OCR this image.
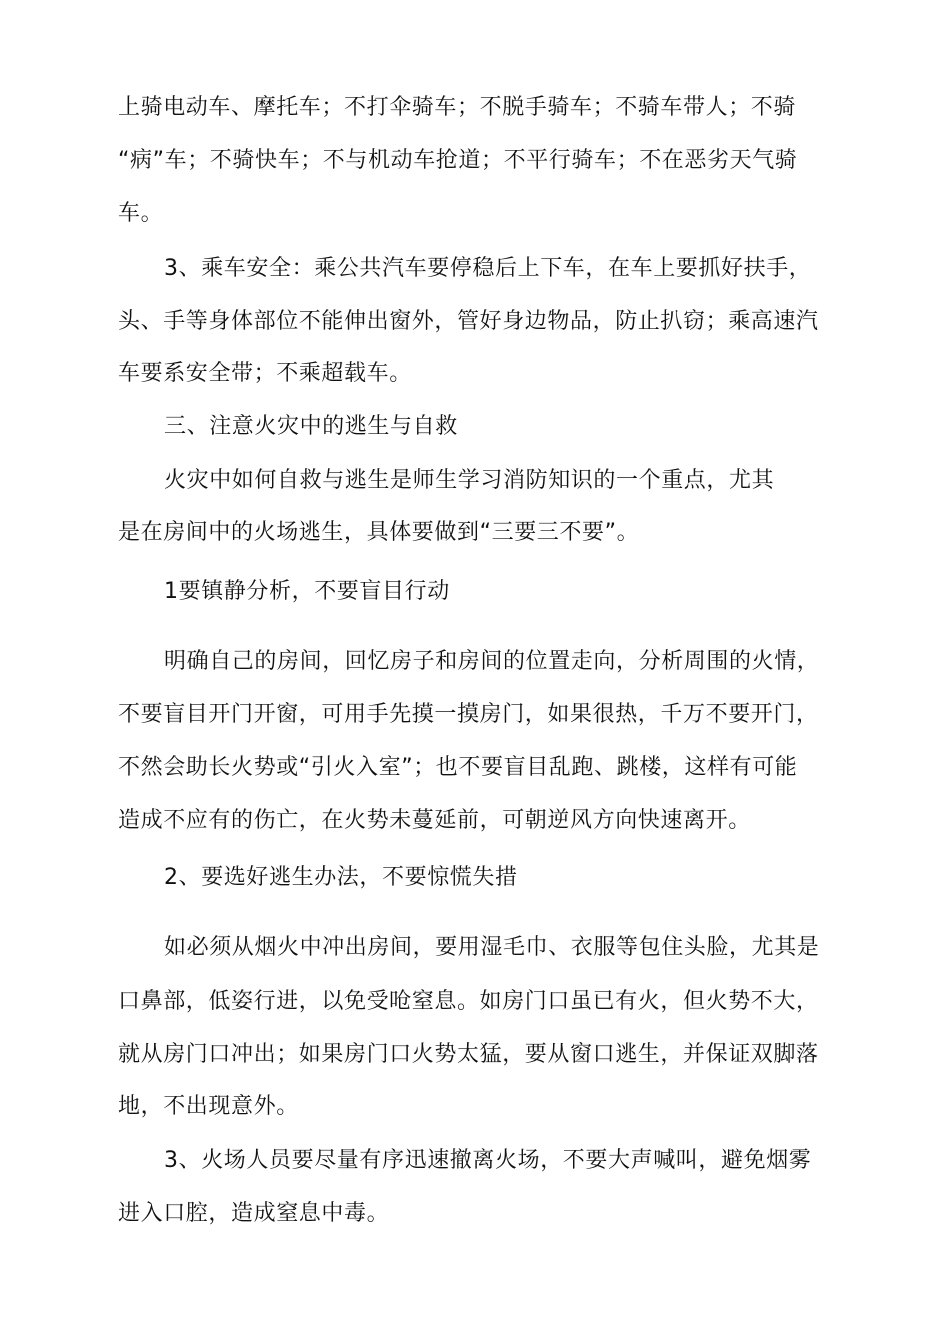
上骑电动车、摩托车；不打伞骑车；不脱手骑车；不骑车带人；不骑
“病”车；不骑快车；不与机动车抢道；不平行骑车；不在恶劣天气骑
车。
3、乘车安全：乘公共汽车要停稳后上下车，在车上要抓好扶手，
头、手等身体部位不能伸出窗外，管好身边物品，防止扒窃；乘高速汽
车要系安全带；不乘超载车。
三、注意火灾中的逃生与自救
火灾中如何自救与逃生是师生学习消防知识的一个重点，尤其
是在房间中的火场逃生，具体要做到“三要三不要”。
1要镇静分析，不要盲目行动
明确自己的房间，回忆房子和房间的位置走向，分析周围的火情，
不要盲目开门开窗，可用手先摸一摸房门，如果很热，千万不要开门，
不然会助长火势或“引火入室”；也不要盲目乱跑、跳楼，这样有可能
造成不应有的伤亡，在火势未蔓延前，可朝逆风方向快速离开。
2、要选好逃生办法，不要惊慌失措
如必须从烟火中冲出房间，要用湿毛巾、衣服等包住头脸，尤其是
口鼻部，低姿行进，以免受呛窒息。如房门口虽已有火，但火势不大，
就从房门口冲出；如果房门口火势太猛，要从窗口逃生，并保证双脚落
地，不出现意外。
3、火场人员要尽量有序迅速撤离火场，不要大声喊叫，避免烟雾
进入口腔，造成窒息中毒。
